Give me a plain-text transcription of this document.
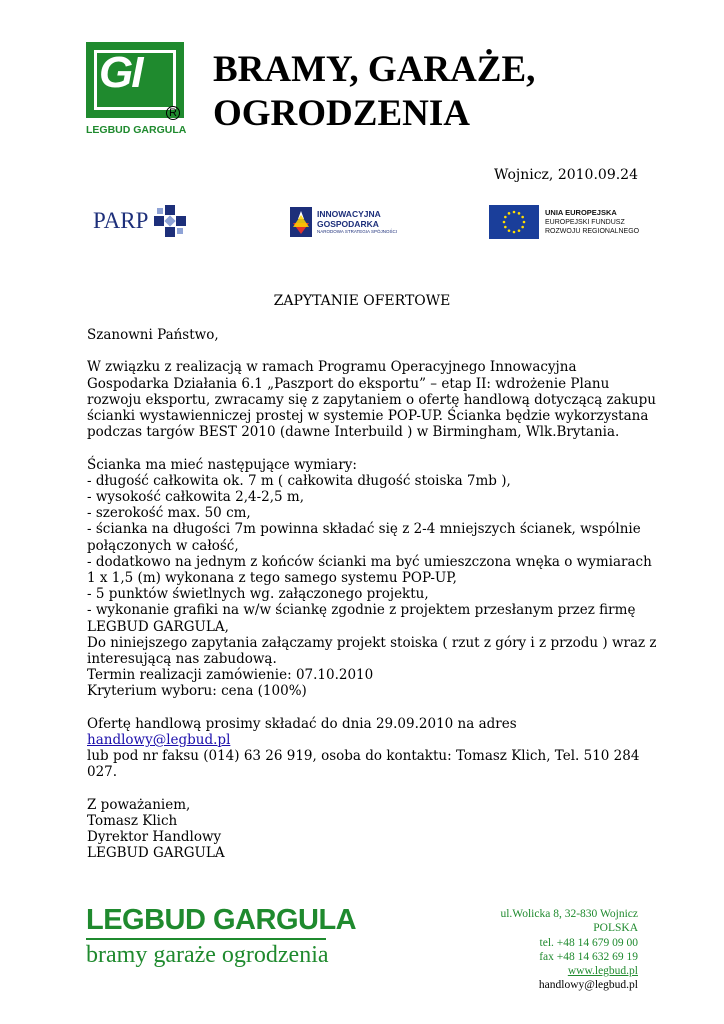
GI
R
LEGBUD GARGULA
BRAMY, GARAŻE,
OGRODZENIA
Wojnicz, 2010.09.24
PARP	INNOWACYJNA
GOSPODARKA
NARODOWA STRATEGIA SPÓJNOŚCI
UNIA EUROPEJSKA
EUROPEJSKI FUNDUSZ
ROZWOJU REGIONALNEGO
ZAPYTANIE OFERTOWE

Szanowni Państwo,

W związku z realizacją w ramach Programu Operacyjnego Innowacyjna Gospodarka Działania 6.1 „Paszport do eksportu” – etap II: wdrożenie Planu rozwoju eksportu, zwracamy się z zapytaniem o ofertę handlową dotyczącą zakupu ścianki wystawienniczej prostej w systemie POP-UP. Ścianka będzie wykorzystana podczas targów BEST 2010 (dawne Interbuild ) w Birmingham, Wlk.Brytania.

Ścianka ma mieć następujące wymiary:

- długość całkowita ok. 7 m ( całkowita długość stoiska 7mb ),

- wysokość całkowita 2,4-2,5 m,

- szerokość max. 50 cm,

- ścianka na długości 7m powinna składać się z 2-4 mniejszych ścianek, wspólnie połączonych w całość,

- dodatkowo na jednym z końców ścianki ma być umieszczona wnęka o wymiarach 1 x 1,5 (m) wykonana z tego samego systemu POP-UP,

- 5 punktów świetlnych wg. załączonego projektu,

- wykonanie grafiki na w/w ściankę zgodnie z projektem przesłanym przez firmę LEGBUD GARGULA,

Do niniejszego zapytania załączamy projekt stoiska ( rzut z góry i z przodu ) wraz z interesującą nas zabudową.

Termin realizacji zamówienie: 07.10.2010

Kryterium wyboru: cena (100%)

Ofertę handlową prosimy składać do dnia 29.09.2010 na adres handlowy@legbud.pl
lub pod nr faksu (014) 63 26 919, osoba do kontaktu: Tomasz Klich, Tel. 510 284 027.

Z poważaniem,

Tomasz Klich

Dyrektor Handlowy

LEGBUD GARGULA

LEGBUD GARGULA
bramy garaże ogrodzenia
ul.Wolicka 8, 32-830 Wojnicz
POLSKA
tel. +48 14 679 09 00
fax +48 14 632 69 19
www.legbud.pl
handlowy@legbud.pl
